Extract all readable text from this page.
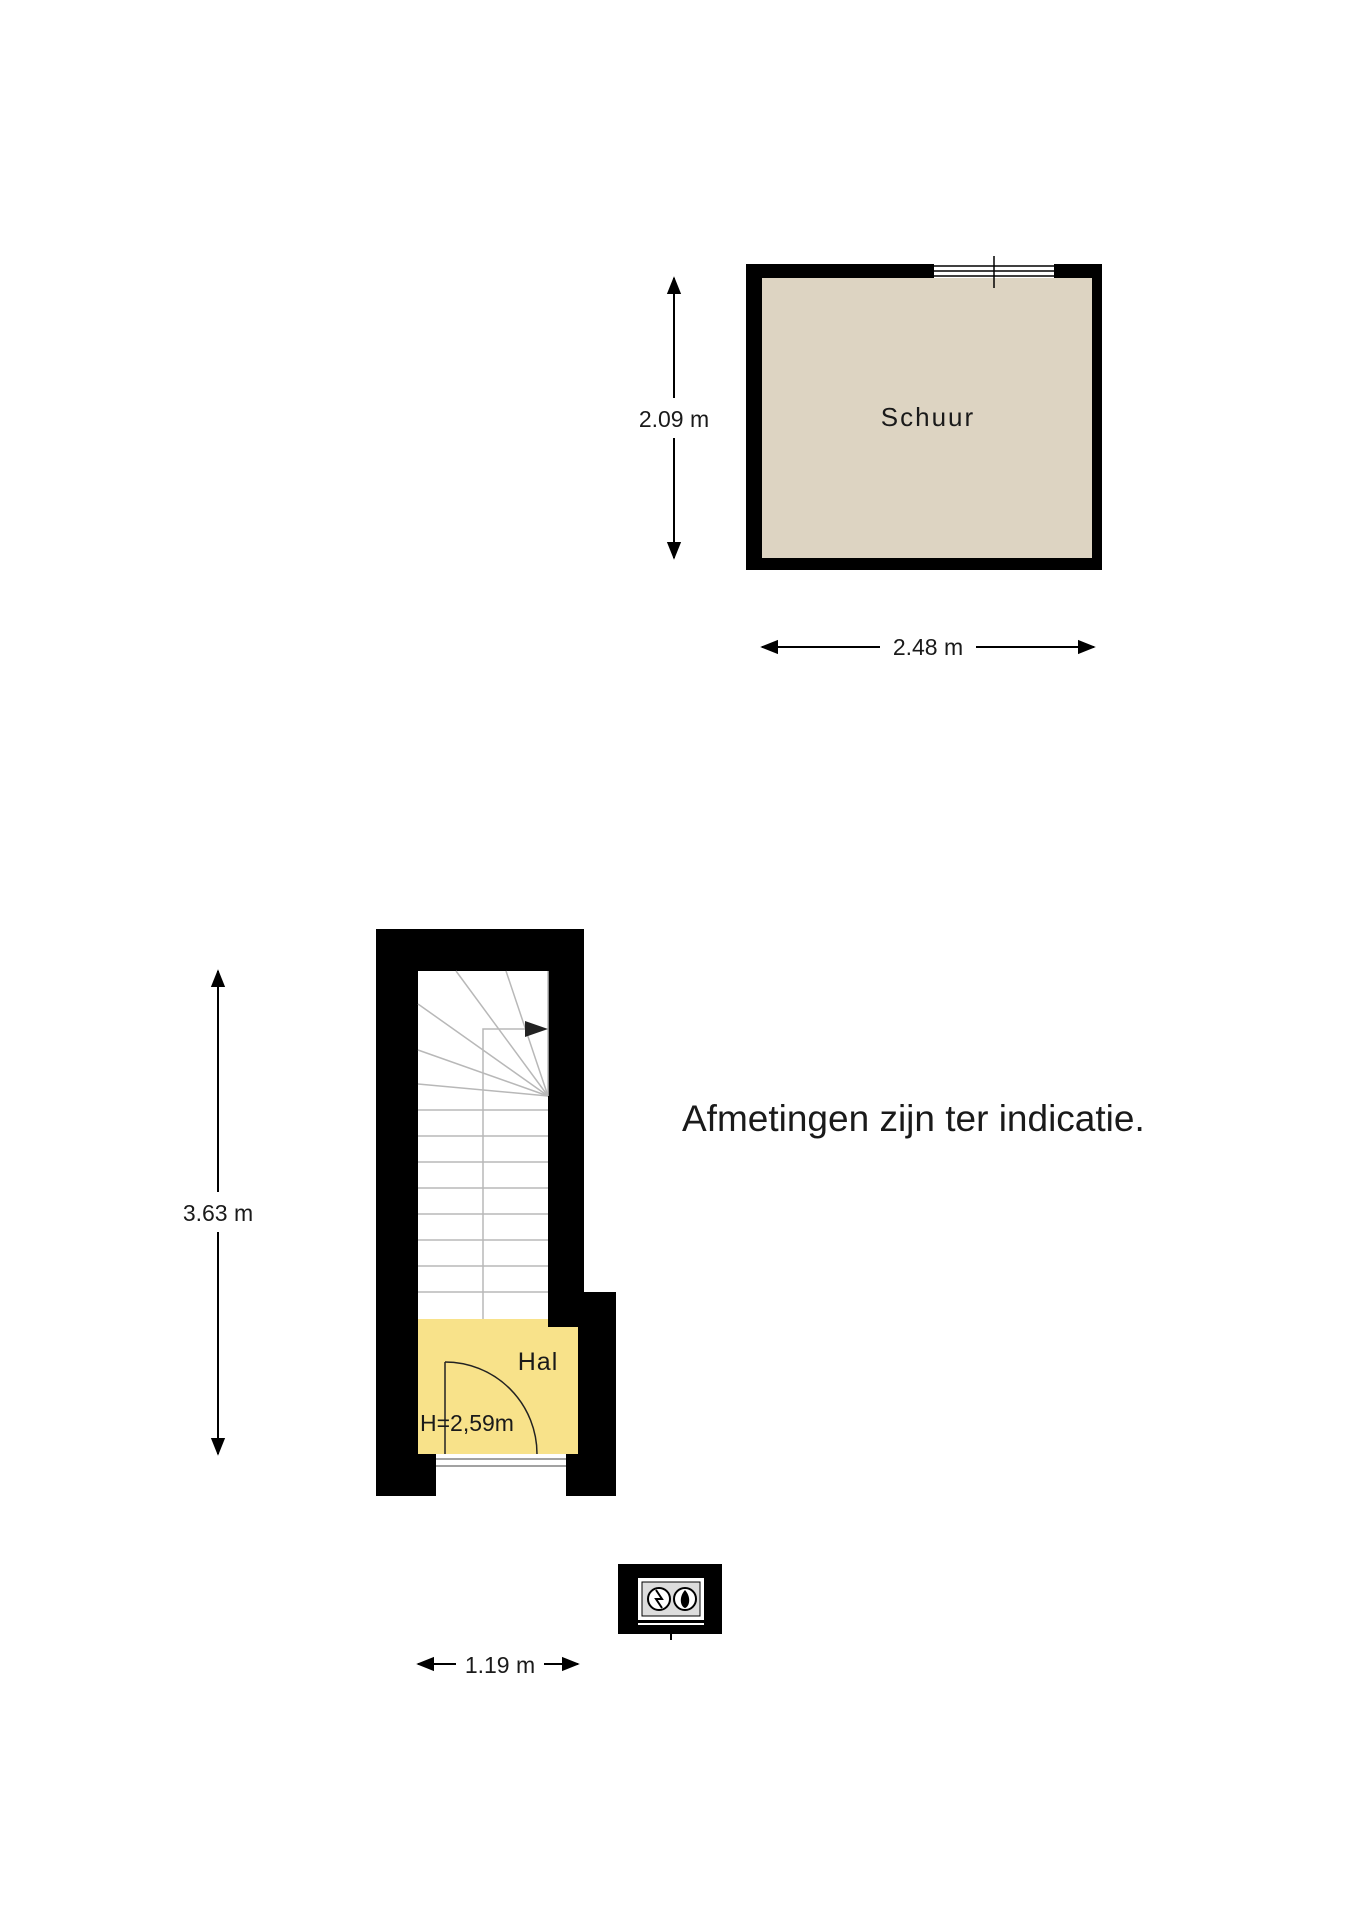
Schuur
2.09 m
2.48 m
Hal
H=2,59m
3.63 m
1.19 m
Afmetingen zijn ter indicatie.
